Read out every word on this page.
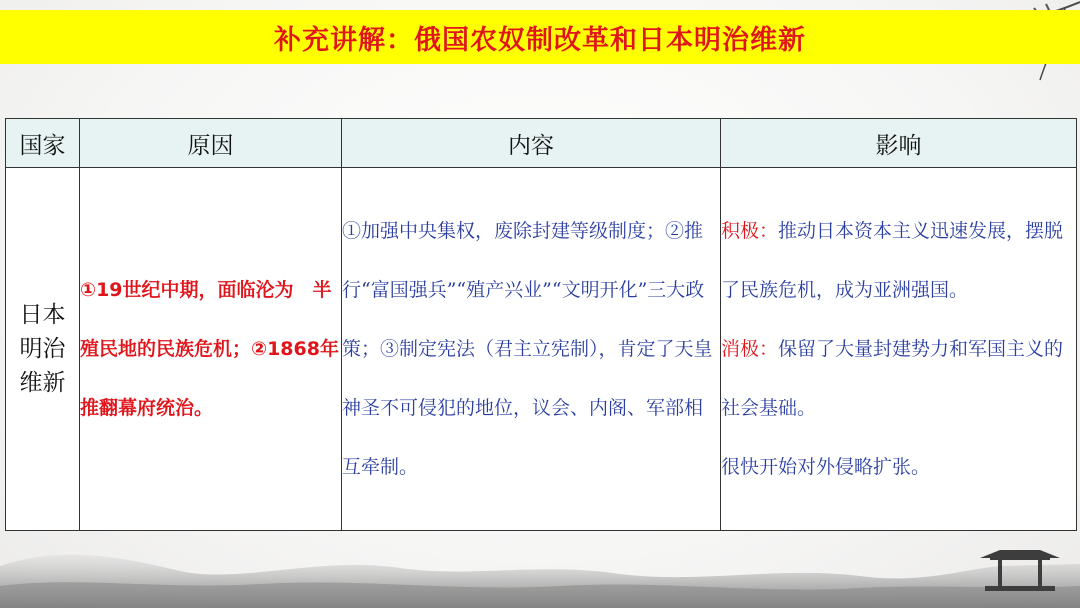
补充讲解：俄国农奴制改革和日本明治维新
国家	原因	内容	影响
日本明治维新	①19世纪中期，面临沦为　半殖民地的民族危机；②1868年推翻幕府统治。	①加强中央集权，废除封建等级制度；②推行“富国强兵”“殖产兴业”“文明开化”三大政策；③制定宪法（君主立宪制），肯定了天皇神圣不可侵犯的地位，议会、内阁、军部相互牵制。	积极：推动日本资本主义迅速发展，摆脱了民族危机，成为亚洲强国。
消极：保留了大量封建势力和军国主义的社会基础。
很快开始对外侵略扩张。
